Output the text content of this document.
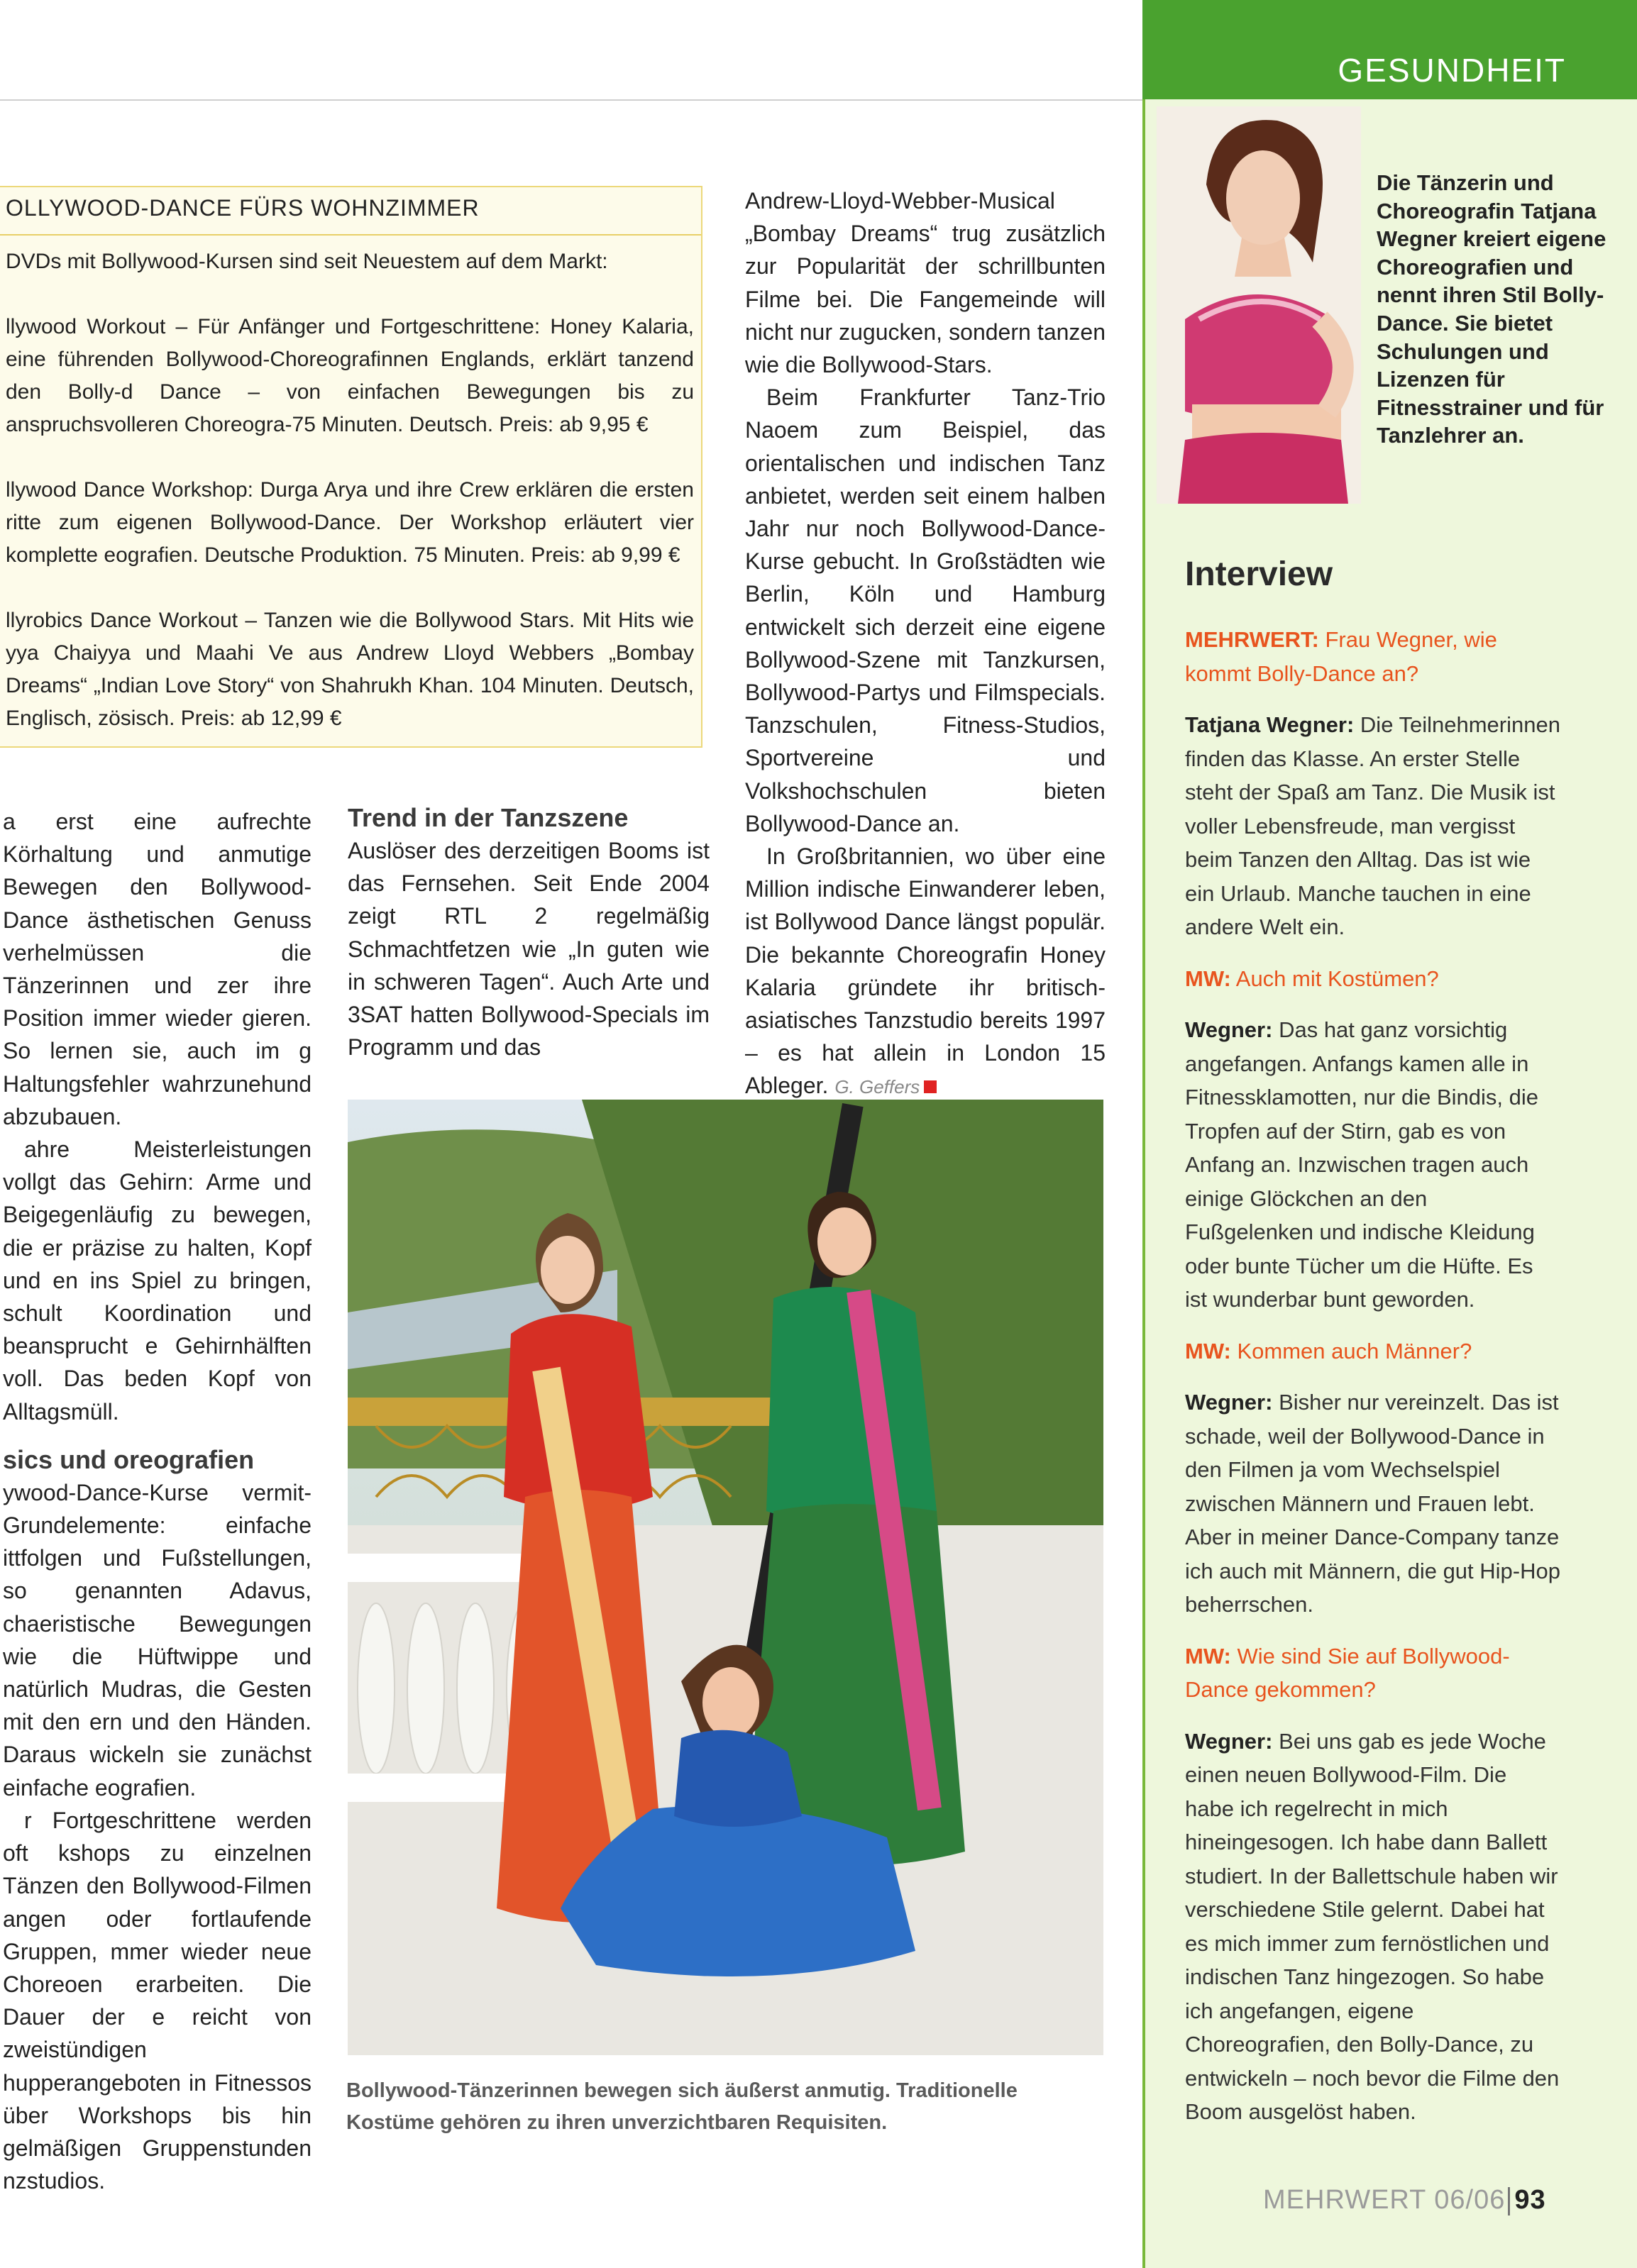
OLLYWOOD-DANCE FÜRS WOHNZIMMER
DVDs mit Bollywood-Kursen sind seit Neuestem auf dem Markt:
llywood Workout – Für Anfänger und Fortgeschrittene: Honey Kalaria, eine führenden Bollywood-Choreografinnen Englands, erklärt tanzend den Bolly-d Dance – von einfachen Bewegungen bis zu anspruchsvolleren Choreogra-75 Minuten. Deutsch. Preis: ab 9,95 €
llywood Dance Workshop: Durga Arya und ihre Crew erklären die ersten ritte zum eigenen Bollywood-Dance. Der Workshop erläutert vier komplette eografien. Deutsche Produktion. 75 Minuten. Preis: ab 9,99 €
llyrobics Dance Workout – Tanzen wie die Bollywood Stars. Mit Hits wie yya Chaiyya und Maahi Ve aus Andrew Lloyd Webbers „Bombay Dreams“ „Indian Love Story“ von Shahrukh Khan. 104 Minuten. Deutsch, Englisch, zösisch. Preis: ab 12,99 €

a erst eine aufrechte Körhaltung und anmutige Bewegen den Bollywood-Dance ästhetischen Genuss verhelmüssen die Tänzerinnen und zer ihre Position immer wieder gieren. So lernen sie, auch im g Haltungsfehler wahrzunehund abzubauen.

ahre Meisterleistungen vollgt das Gehirn: Arme und Beigegenläufig zu bewegen, die er präzise zu halten, Kopf und en ins Spiel zu bringen, schult Koordination und beansprucht e Gehirnhälften voll. Das beden Kopf von Alltagsmüll.

sics und oreografien

ywood-Dance-Kurse vermit-Grundelemente: einfache ittfolgen und Fußstellungen, so genannten Adavus, chaeristische Bewegungen wie die Hüftwippe und natürlich Mudras, die Gesten mit den ern und den Händen. Daraus wickeln sie zunächst einfache eografien.

r Fortgeschrittene werden oft kshops zu einzelnen Tänzen den Bollywood-Filmen angen oder fortlaufende Gruppen, mmer wieder neue Choreoen erarbeiten. Die Dauer der e reicht von zweistündigen hupperangeboten in Fitnessos über Workshops bis hin gelmäßigen Gruppenstunden nzstudios.

Trend in der Tanzszene

Auslöser des derzeitigen Booms ist das Fernsehen. Seit Ende 2004 zeigt RTL 2 regelmäßig Schmachtfetzen wie „In guten wie in schweren Tagen“. Auch Arte und 3SAT hatten Bollywood-Specials im Programm und das

Andrew-Lloyd-Webber-Musical „Bombay Dreams“ trug zusätzlich zur Popularität der schrillbunten Filme bei. Die Fangemeinde will nicht nur zugucken, sondern tanzen wie die Bollywood-Stars.

Beim Frankfurter Tanz-Trio Naoem zum Beispiel, das orientalischen und indischen Tanz anbietet, werden seit einem halben Jahr nur noch Bollywood-Dance-Kurse gebucht. In Großstädten wie Berlin, Köln und Hamburg entwickelt sich derzeit eine eigene Bollywood-Szene mit Tanzkursen, Bollywood-Partys und Filmspecials. Tanzschulen, Fitness-Studios, Sportvereine und Volkshochschulen bieten Bollywood-Dance an.

In Großbritannien, wo über eine Million indische Einwanderer leben, ist Bollywood Dance längst populär. Die bekannte Choreografin Honey Kalaria gründete ihr britisch-asiatisches Tanzstudio bereits 1997 – es hat allein in London 15 Ableger. G. Geffers

Bollywood-Tänzerinnen bewegen sich äußerst anmutig. Traditionelle Kostüme gehören zu ihren unverzichtbaren Requisiten.
GESUNDHEIT
Die Tänzerin und Choreografin Tatjana Wegner kreiert eigene Choreografien und nennt ihren Stil Bolly-Dance. Sie bietet Schulungen und Lizenzen für Fitnesstrainer und für Tanzlehrer an.
Interview
MEHRWERT: Frau Wegner, wie kommt Bolly-Dance an?
Tatjana Wegner: Die Teilnehmerinnen finden das Klasse. An erster Stelle steht der Spaß am Tanz. Die Musik ist voller Lebensfreude, man vergisst beim Tanzen den Alltag. Das ist wie ein Urlaub. Manche tauchen in eine andere Welt ein.
MW: Auch mit Kostümen?
Wegner: Das hat ganz vorsichtig angefangen. Anfangs kamen alle in Fitnessklamotten, nur die Bindis, die Tropfen auf der Stirn, gab es von Anfang an. Inzwischen tragen auch einige Glöckchen an den Fußgelenken und indische Kleidung oder bunte Tücher um die Hüfte. Es ist wunderbar bunt geworden.
MW: Kommen auch Männer?
Wegner: Bisher nur vereinzelt. Das ist schade, weil der Bollywood-Dance in den Filmen ja vom Wechselspiel zwischen Männern und Frauen lebt. Aber in meiner Dance-Company tanze ich auch mit Männern, die gut Hip-Hop beherrschen.
MW: Wie sind Sie auf Bollywood-Dance gekommen?
Wegner: Bei uns gab es jede Woche einen neuen Bollywood-Film. Die habe ich regelrecht in mich hineingesogen. Ich habe dann Ballett studiert. In der Ballettschule haben wir verschiedene Stile gelernt. Dabei hat es mich immer zum fernöstlichen und indischen Tanz hingezogen. So habe ich angefangen, eigene Choreografien, den Bolly-Dance, zu entwickeln – noch bevor die Filme den Boom ausgelöst haben.
MEHRWERT 06/06 93
